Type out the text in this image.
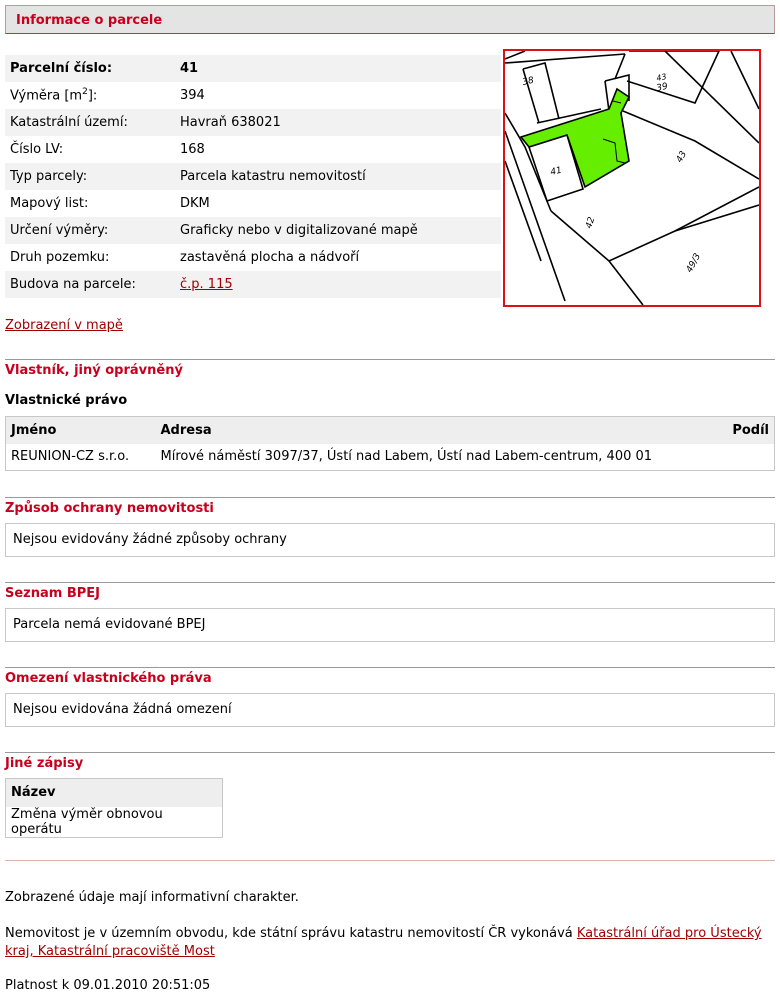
Informace o parcele
Parcelní číslo:	41
Výměra $[m^2]$:	394
Katastrální území:	Havraň 638021
Číslo LV:	168
Typ parcely:	Parcela katastru nemovitostí
Mapový list:	DKM
Určení výměry:	Graficky nebo v digitalizované mapě
Druh pozemku:	zastavěná plocha a nádvoří
Budova na parcele:	č.p. 115
38	39
41
42
43
43
49/3
Zobrazení v mapě
Vlastník, jiný oprávněný
Vlastnické právo
Jméno	Adresa	Podíl
REUNION-CZ s.r.o.	Mírové náměstí 3097/37, Ústí nad Labem, Ústí nad Labem-centrum, 400 01	
Způsob ochrany nemovitosti
Nejsou evidovány žádné způsoby ochrany
Seznam BPEJ
Parcela nemá evidované BPEJ
Omezení vlastnického práva
Nejsou evidována žádná omezení
Jiné zápisy
Název
Změna výměr obnovou operátu
Zobrazené údaje mají informativní charakter.
Nemovitost je v územním obvodu, kde státní správu katastru nemovitostí ČR vykonává Katastrální úřad pro Ústecký kraj, Katastrální pracoviště Most
Platnost k 09.01.2010 20:51:05
